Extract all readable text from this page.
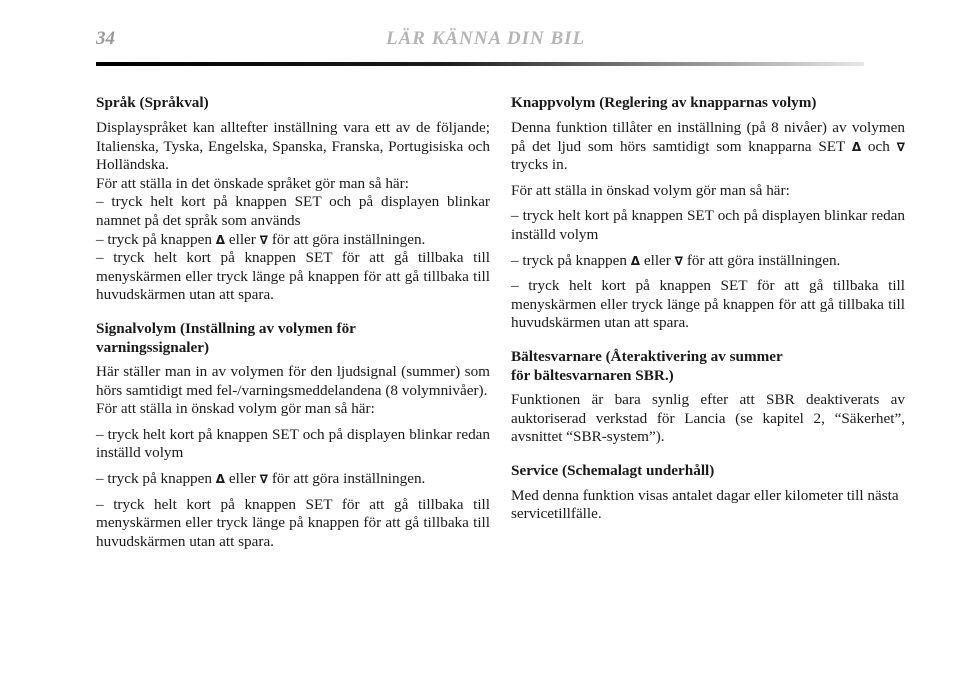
34	LÄR KÄNNA DIN BIL
Språk (Språkval)

Displayspråket kan alltefter inställning vara ett av de följande; Italienska, Tyska, Engelska, Spanska, Franska, Portugisiska och Holländska.

För att ställa in det önskade språket gör man så här:

– tryck helt kort på knappen SET och på displayen blinkar namnet på det språk som används

– tryck på knappen Δ eller ∇ för att göra inställningen.

– tryck helt kort på knappen SET för att gå tillbaka till menyskärmen eller tryck länge på knappen för att gå tillbaka till huvudskärmen utan att spara.

Signalvolym (Inställning av volymen för
varningssignaler)

Här ställer man in av volymen för den ljudsignal (summer) som hörs samtidigt med fel-/varningsmeddelandena (8 volymnivåer).

För att ställa in önskad volym gör man så här:

– tryck helt kort på knappen SET och på displayen blinkar redan inställd volym

– tryck på knappen Δ eller ∇ för att göra inställningen.

– tryck helt kort på knappen SET för att gå tillbaka till menyskärmen eller tryck länge på knappen för att gå tillbaka till huvudskärmen utan att spara.

Knappvolym (Reglering av knapparnas volym)

Denna funktion tillåter en inställning (på 8 nivåer) av volymen på det ljud som hörs samtidigt som knapparna SET Δ och ∇ trycks in.

För att ställa in önskad volym gör man så här:

– tryck helt kort på knappen SET och på displayen blinkar redan inställd volym

– tryck på knappen Δ eller ∇ för att göra inställningen.

– tryck helt kort på knappen SET för att gå tillbaka till menyskärmen eller tryck länge på knappen för att gå tillbaka till huvudskärmen utan att spara.

Bältesvarnare (Återaktivering av summer
för bältesvarnaren SBR.)

Funktionen är bara synlig efter att SBR deaktiverats av auktoriserad verkstad för Lancia (se kapitel 2, “Säkerhet”, avsnittet “SBR-system”).

Service (Schemalagt underhåll)

Med denna funktion visas antalet dagar eller kilometer till nästa servicetillfälle.
